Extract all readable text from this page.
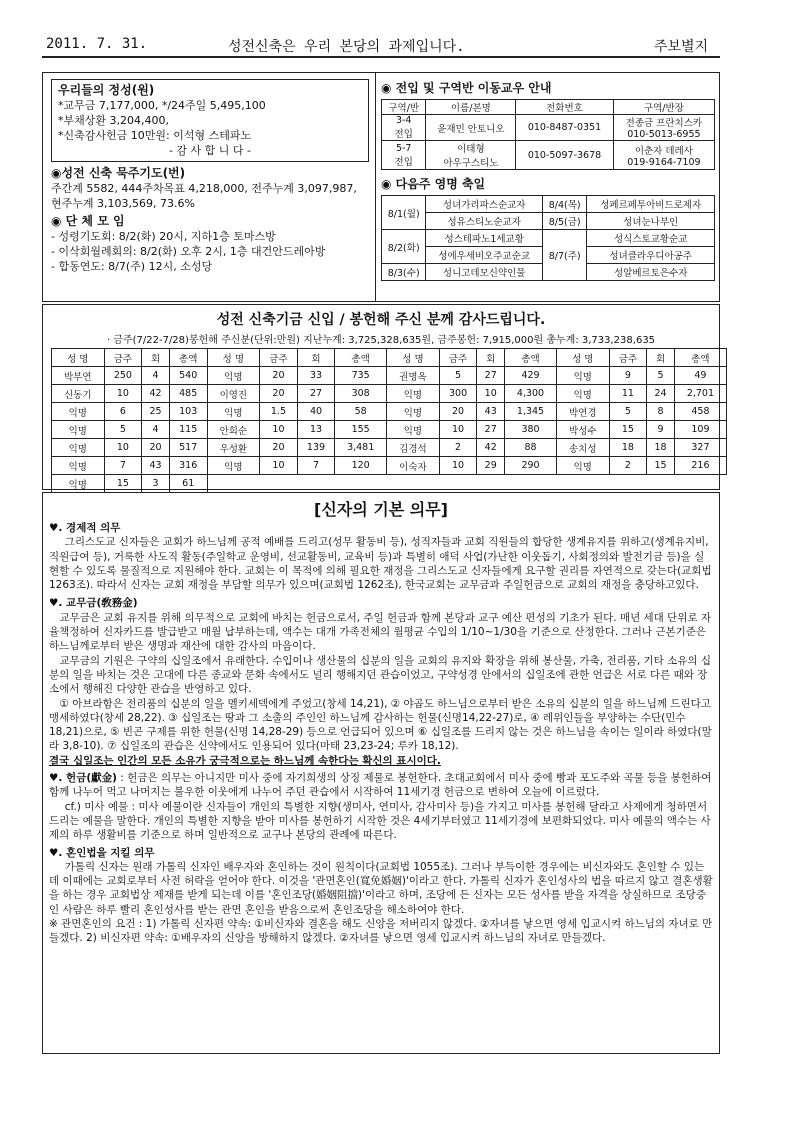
2011. 7. 31.	성전신축은 우리 본당의 과제입니다.	주보별지
우리들의 정성(원)
*교무금 7,177,000, */24주일 5,495,100
*부채상환 3,204,400,
*신축감사헌금 10만원: 이석형 스테파노
- 감 사 합 니 다 -
◉성전 신축 묵주기도(번)
주간계 5582, 444주차목표 4,218,000, 전주누계 3,097,987, 현주누계 3,103,569, 73.6%
◉ 단 체 모 임
- 성령기도회: 8/2(화) 20시, 지하1층 토마스방
- 이삭회월례회의: 8/2(화) 오후 2시, 1층 대건안드레아방
- 합동연도: 8/7(주) 12시, 소성당
◉ 전입 및 구역반 이동교우 안내
구역/반	이름/본명	전화번호	구역/반장
3-4
전입	윤재민 안토니오	010-8487-0351	전종금 프란치스카
010-5013-6955
5-7
전입	이태형
아우구스티노	010-5097-3678	이춘자 데레사
019-9164-7109
◉ 다음주 영명 축일
8/1(월)	성녀가리파스순교자	8/4(목)	성페르페투아비드로제자
	성유스티노순교자	8/5(금)	성녀눈나부인
8/2(화)	성스테파노1세교황	8/7(주)	성식스토교황순교
	성에우세비오주교순교		성녀클라우디아공주
8/3(수)	성니고데모신약인물		성알베르토은수자
성전 신축기금 신입 / 봉헌해 주신 분께 감사드립니다.
· 금주(7/22-7/28)봉헌해 주신분(단위:만원) 지난누계: 3,725,328,635원, 금주봉헌: 7,915,000원 총누계: 3,733,238,635
성 명	금주	회	총액	성 명	금주	회	총액	성 명	금주	회	총액	성 명	금주	회	총액
박부연	250	4	540	익명	20	33	735	권명옥	5	27	429	익명	9	5	49
신동기	10	42	485	이영진	20	27	308	익명	300	10	4,300	익명	11	24	2,701
익명	6	25	103	익명	1.5	40	58	익명	20	43	1,345	박연경	5	8	458
익명	5	4	115	안희순	10	13	155	익명	10	27	380	박성수	15	9	109
익명	10	20	517	우성환	20	139	3,481	김경석	2	42	88	송치성	18	18	327
익명	7	43	316	익명	10	7	120	이숙자	10	29	290	익명	2	15	216
익명	15	3	61												
[신자의 기본 의무]

♥. 경제적 의무

그리스도교 신자들은 교회가 하느님께 공적 예배를 드리고(성무 활동비 등), 성직자들과 교회 직원들의 합당한 생계유지를 위하고(생계유지비, 직원급여 등), 거룩한 사도직 활동(주일학교 운영비, 선교활동비, 교육비 등)과 특별히 애덕 사업(가난한 이웃돕기, 사회정의와 발전기금 등)을 실현할 수 있도록 물질적으로 지원해야 한다. 교회는 이 목적에 의해 필요한 재정을 그리스도교 신자들에게 요구할 권리를 자연적으로 갖는다(교회법 1263조). 따라서 신자는 교회 재정을 부담할 의무가 있으며(교회법 1262조), 한국교회는 교무금과 주일헌금으로 교회의 재정을 충당하고있다.

♥. 교무금(敎務金)

교무금은 교회 유지를 위해 의무적으로 교회에 바치는 헌금으로서, 주일 헌금과 함께 본당과 교구 예산 편성의 기초가 된다. 매년 세대 단위로 자율책정하여 신자카드를 발급받고 매월 납부하는데, 액수는 대개 가족전체의 월평균 수입의 1/10~1/30을 기준으로 산정한다. 그러나 근본기준은 하느님께로부터 받은 생명과 재산에 대한 감사의 마음이다.

교무금의 기원은 구약의 십일조에서 유래한다. 수입이나 생산물의 십분의 일을 교회의 유지와 확장을 위해 봉산물, 가축, 전리품, 기타 소유의 십분의 일을 바치는 것은 고대에 다른 종교와 문화 속에서도 널리 행해지던 관습이었고, 구약성경 안에서의 십일조에 관한 언급은 서로 다른 때와 장소에서 행해진 다양한 관습을 반영하고 있다.

① 아브라함은 전리품의 십분의 일을 멜키세덱에게 주었고(창세 14,21), ② 야곱도 하느님으로부터 받은 소유의 십분의 일을 하느님께 드린다고 맹세하였다(창세 28,22). ③ 십일조는 땅과 그 소출의 주인인 하느님께 감사하는 헌물(신명14,22-27)로, ④ 레위인들을 부양하는 수단(민수 18,21)으로, ⑤ 빈곤 구제를 위한 헌물(신명 14,28-29) 등으로 언급되어 있으며 ⑥ 십일조를 드리지 않는 것은 하느님을 속이는 일이라 하였다(말라 3,8-10). ⑦ 십일조의 관습은 신약에서도 인용되어 있다(마태 23,23-24; 루카 18,12).

결국 십일조는 인간의 모든 소유가 궁극적으로는 하느님께 속한다는 확신의 표시이다.

♥. 헌금(獻金) : 헌금은 의무는 아니지만 미사 중에 자기희생의 상징 제물로 봉헌한다. 초대교회에서 미사 중에 빵과 포도주와 곡물 등을 봉헌하여 함께 나누어 먹고 나머지는 불우한 이웃에게 나누어 주던 관습에서 시작하여 11세기경 헌금으로 변하여 오늘에 이르렀다.

cf.) 미사 예물 : 미사 예물이란 신자들이 개인의 특별한 지향(생미사, 연미사, 감사미사 등)을 가지고 미사를 봉헌해 달라고 사제에게 청하면서 드리는 예물을 말한다. 개인의 특별한 지향을 받아 미사를 봉헌하기 시작한 것은 4세기부터였고 11세기경에 보편화되었다. 미사 예물의 액수는 사제의 하루 생활비를 기준으로 하며 일반적으로 교구나 본당의 관례에 따른다.

♥. 혼인법을 지킬 의무

가톨릭 신자는 원래 가톨릭 신자인 배우자와 혼인하는 것이 원칙이다(교회법 1055조). 그러나 부득이한 경우에는 비신자와도 혼인할 수 있는데 이때에는 교회로부터 사전 허락을 얻어야 한다. 이것을 '관면혼인(寬免婚姻)'이라고 한다. 가톨릭 신자가 혼인성사의 법을 따르지 않고 결혼생활을 하는 경우 교회법상 제재를 받게 되는데 이를 '혼인조당(婚姻阻擋)'이라고 하며, 조당에 든 신자는 모든 성사를 받을 자격을 상실하므로 조당중인 사람은 하루 빨리 혼인성사를 받는 관면 혼인을 받음으로써 혼인조당을 해소하여야 한다.

※ 관면혼인의 요건 : 1) 가톨릭 신자편 약속: ①비신자와 결혼을 해도 신앙을 저버리지 않겠다. ②자녀를 낳으면 영세 입교시켜 하느님의 자녀로 만들겠다. 2) 비신자편 약속: ①배우자의 신앙을 방해하지 않겠다. ②자녀를 낳으면 영세 입교시켜 하느님의 자녀로 만들겠다.
